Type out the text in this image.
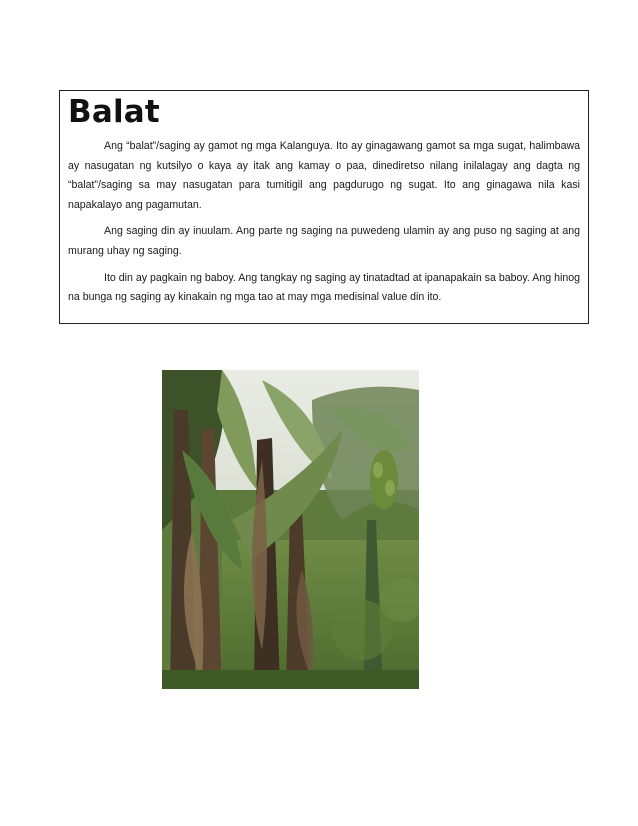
Balat

Ang “balat”/saging ay gamot ng mga Kalanguya. Ito ay ginagawang gamot sa mga sugat, halimbawa ay nasugatan ng kutsilyo o kaya ay itak ang kamay o paa, dinediretso nilang inilalagay ang dagta ng “balat”/saging sa may nasugatan para tumitigil ang pagdurugo ng sugat. Ito ang ginagawa nila kasi napakalayo ang pagamutan.

Ang saging din ay inuulam. Ang parte ng saging na puwedeng ulamin ay ang puso ng saging at ang murang uhay ng saging.

Ito din ay pagkain ng baboy. Ang tangkay ng saging ay tinatadtad at ipanapakain sa baboy. Ang hinog na bunga ng saging ay kinakain ng mga tao at may mga medisinal value din ito.
